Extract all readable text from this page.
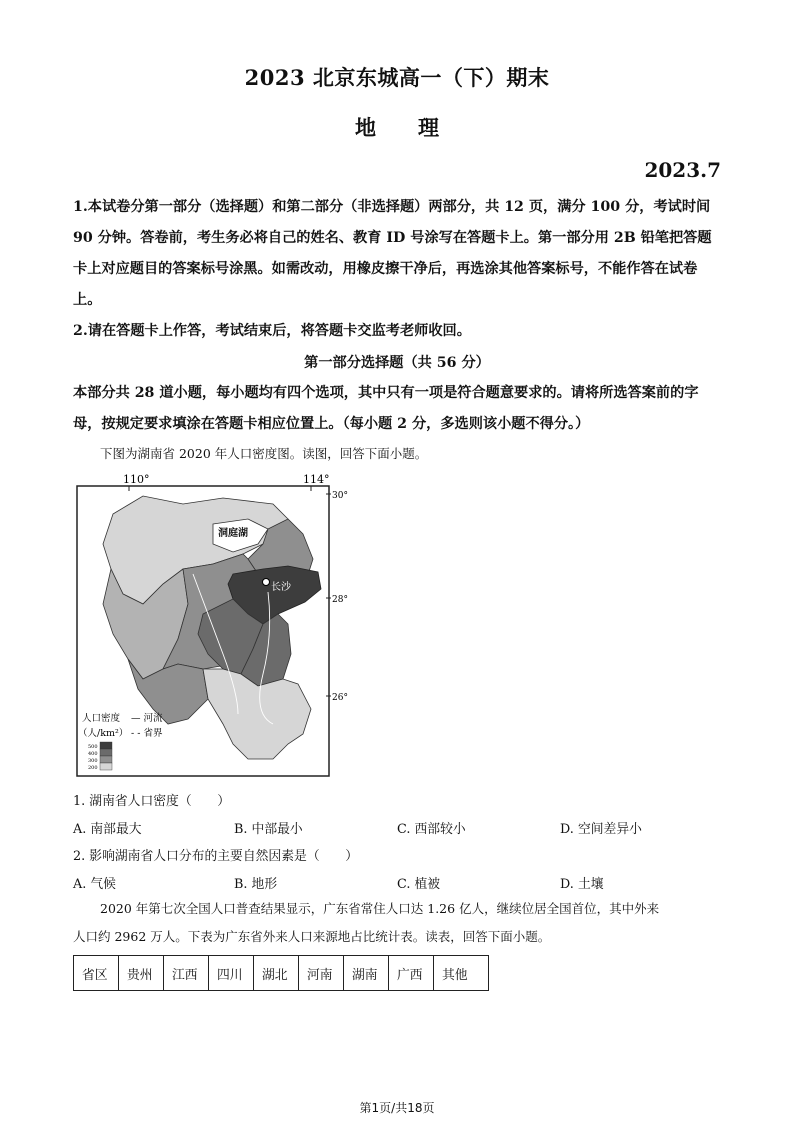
2023 北京东城高一（下）期末
地　　理
2023.7
1.本试卷分第一部分（选择题）和第二部分（非选择题）两部分，共 12 页，满分 100 分，考试时间 90 分钟。答卷前，考生务必将自己的姓名、教育 ID 号涂写在答题卡上。第一部分用 2B 铅笔把答题卡上对应题目的答案标号涂黑。如需改动，用橡皮擦干净后，再选涂其他答案标号，不能作答在试卷上。
2.请在答题卡上作答，考试结束后，将答题卡交监考老师收回。
第一部分选择题（共 56 分）
本部分共 28 道小题，每小题均有四个选项，其中只有一项是符合题意要求的。请将所选答案前的字母，按规定要求填涂在答题卡相应位置上。（每小题 2 分，多选则该小题不得分。）
下图为湖南省 2020 年人口密度图。读图，回答下面小题。
110°	114°
30°
28°
26°
洞庭湖
长沙
人口密度
（人/km²）
— 河流
- - 省界
500
400
300
200
1. 湖南省人口密度（　　）
A. 南部最大	B. 中部最小	C. 西部较小	D. 空间差异小
2. 影响湖南省人口分布的主要自然因素是（　　）
A. 气候	B. 地形	C. 植被	D. 土壤
2020 年第七次全国人口普查结果显示，广东省常住人口达 1.26 亿人，继续位居全国首位，其中外来
人口约 2962 万人。下表为广东省外来人口来源地占比统计表。读表，回答下面小题。
省区	贵州	江西	四川	湖北	河南	湖南	广西	其他
第1页/共18页
